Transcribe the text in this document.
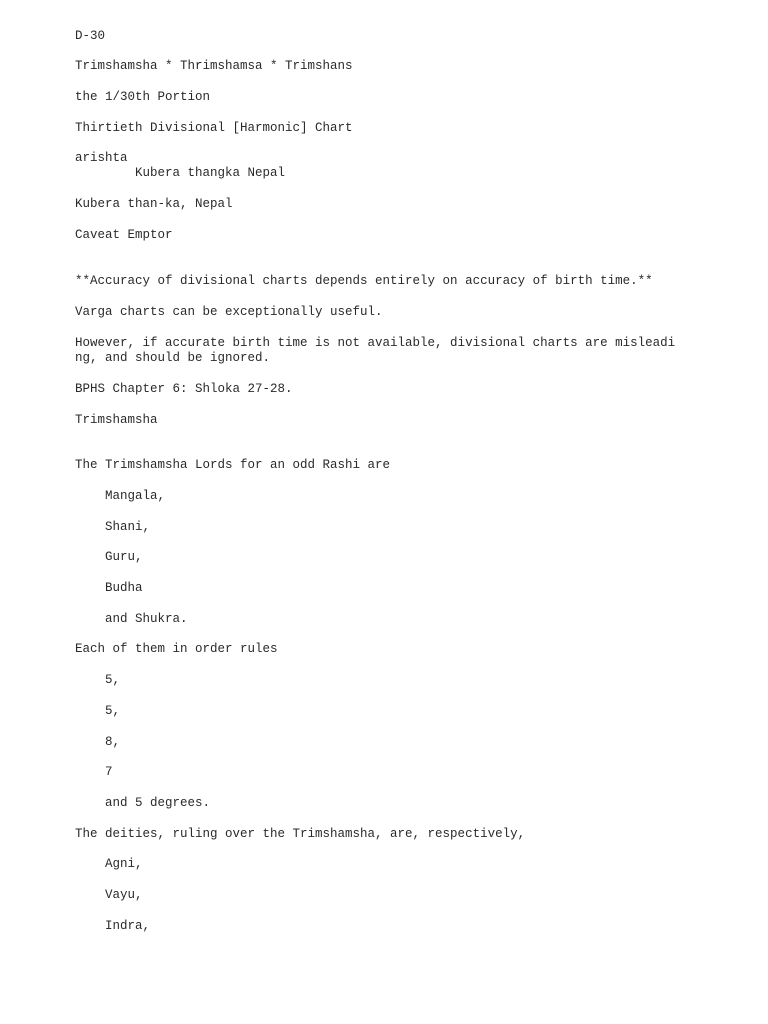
D-30

Trimshamsha * Thrimshamsa * Trimshans

the 1/30th Portion

Thirtieth Divisional [Harmonic] Chart

arishta

Kubera thangka Nepal

Kubera than-ka, Nepal

Caveat Emptor

**Accuracy of divisional charts depends entirely on accuracy of birth time.**

Varga charts can be exceptionally useful.

However, if accurate birth time is not available, divisional charts are misleadi

ng, and should be ignored.

BPHS Chapter 6: Shloka 27-28.

Trimshamsha

The Trimshamsha Lords for an odd Rashi are

Mangala,

Shani,

Guru,

Budha

and Shukra.

Each of them in order rules

5,

5,

8,

7

and 5 degrees.

The deities, ruling over the Trimshamsha, are, respectively,

Agni,

Vayu,

Indra,
